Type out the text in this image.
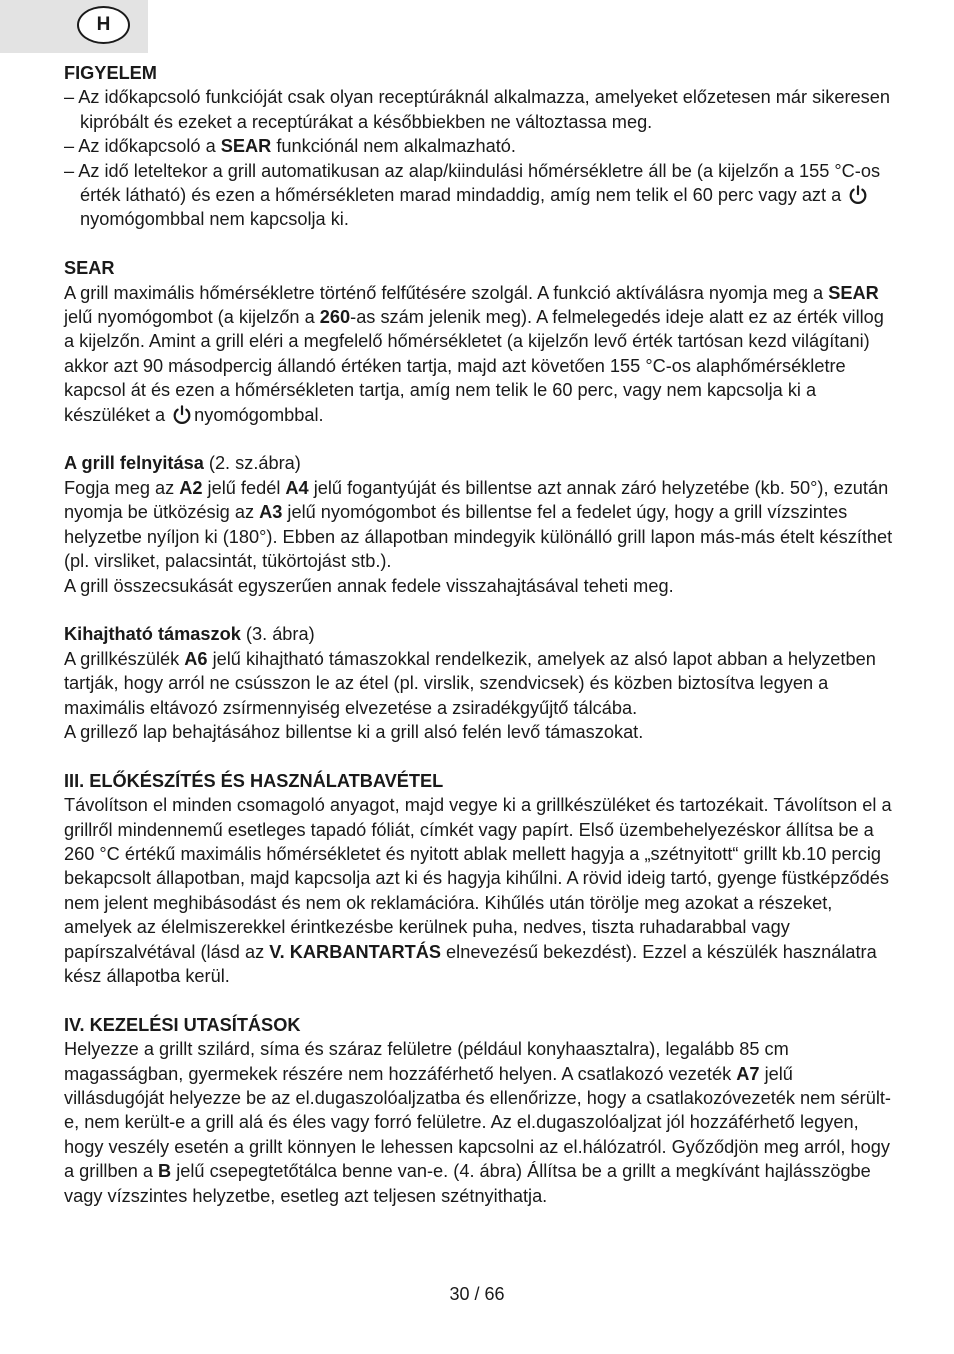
H

FIGYELEM

– Az időkapcsoló funkcióját csak olyan receptúráknál alkalmazza, amelyeket előzetesen már sikeresen kipróbált és ezeket a receptúrákat a későbbiekben ne változtassa meg.

– Az időkapcsoló a SEAR funkciónál nem alkalmazható.

– Az idő leteltekor a grill automatikusan az alap/kiindulási hőmérsékletre áll be (a kijelzőn a 155 °C-os érték látható) és ezen a hőmérsékleten marad mindaddig, amíg nem telik el 60 perc vagy azt a nyomógombbal nem kapcsolja ki.

SEAR

A grill maximális hőmérsékletre történő felfűtésére szolgál. A funkció aktíválásra nyomja meg a SEAR jelű nyomógombot (a kijelzőn a 260-as szám jelenik meg). A felmelegedés ideje alatt ez az érték villog a kijelzőn. Amint a grill eléri a megfelelő hőmérsékletet (a kijelzőn levő érték tartósan kezd világítani) akkor azt 90 másodpercig állandó értéken tartja, majd azt követően 155 °C-os alaphőmérsékletre kapcsol át és ezen a hőmérsékleten tartja, amíg nem telik le 60 perc, vagy nem kapcsolja ki a készüléket a nyomógombbal.

A grill felnyitása (2. sz.ábra)

Fogja meg az A2 jelű fedél A4 jelű fogantyúját és billentse azt annak záró helyzetébe (kb. 50°), ezután nyomja be ütközésig az A3 jelű nyomógombot és billentse fel a fedelet úgy, hogy a grill vízszintes helyzetbe nyíljon ki (180°). Ebben az állapotban mindegyik különálló grill lapon más-más ételt készíthet (pl. virsliket, palacsintát, tükörtojást stb.).

A grill összecsukását egyszerűen annak fedele visszahajtásával teheti meg.

Kihajtható támaszok (3. ábra)

A grillkészülék A6 jelű kihajtható támaszokkal rendelkezik, amelyek az alsó lapot abban a helyzetben tartják, hogy arról ne csússzon le az étel (pl. virslik, szendvicsek) és közben biztosítva legyen a maximális eltávozó zsírmennyiség elvezetése a zsiradékgyűjtő tálcába.

A grillező lap behajtásához billentse ki a grill alsó felén levő támaszokat.

III. ELŐKÉSZÍTÉS ÉS HASZNÁLATBAVÉTEL

Távolítson el minden csomagoló anyagot, majd vegye ki a grillkészüléket és tartozékait. Távolítson el a grillről mindennemű esetleges tapadó fóliát, címkét vagy papírt. Első üzembehelyezéskor állítsa be a 260 °C értékű maximális hőmérsékletet és nyitott ablak mellett hagyja a „szétnyitott“ grillt kb.10 percig bekapcsolt állapotban, majd kapcsolja azt ki és hagyja kihűlni. A rövid ideig tartó, gyenge füstképződés nem jelent meghibásodást és nem ok reklamációra. Kihűlés után törölje meg azokat a részeket, amelyek az élelmiszerekkel érintkezésbe kerülnek puha, nedves, tiszta ruhadarabbal vagy papírszalvétával (lásd az V. KARBANTARTÁS elnevezésű bekezdést). Ezzel a készülék használatra kész állapotba kerül.

IV. KEZELÉSI UTASÍTÁSOK

Helyezze a grillt szilárd, síma és száraz felületre (például konyhaasztalra), legalább 85 cm magasságban, gyermekek részére nem hozzáférhető helyen. A csatlakozó vezeték A7 jelű villásdugóját helyezze be az el.dugaszolóaljzatba és ellenőrizze, hogy a csatlakozóvezeték nem sérült-e, nem került-e a grill alá és éles vagy forró felületre. Az el.dugaszolóaljzat jól hozzáférhető legyen, hogy veszély esetén a grillt könnyen le lehessen kapcsolni az el.hálózatról. Győződjön meg arról, hogy a grillben a B jelű csepegtetőtálca benne van-e. (4. ábra) Állítsa be a grillt a megkívánt hajlásszögbe vagy vízszintes helyzetbe, esetleg azt teljesen szétnyithatja.

30 / 66
